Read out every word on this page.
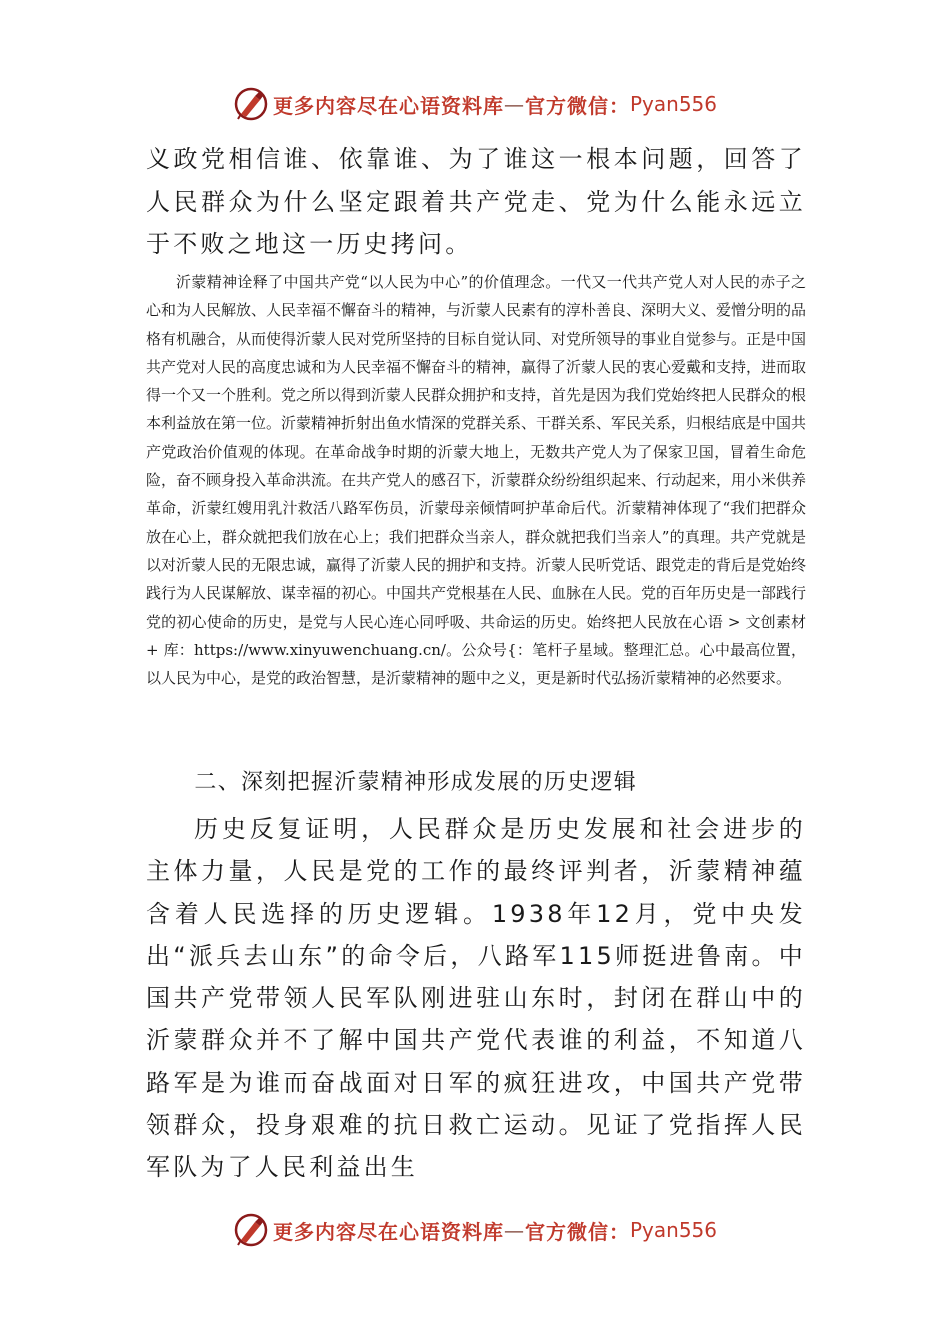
更多内容尽在心语资料库 — 官方微信： Pyan556

义政党相信谁、依靠谁、为了谁这一根本问题，回答了人民群众为什么坚定跟着共产党走、党为什么能永远立于不败之地这一历史拷问。

沂蒙精神诠释了中国共产党“以人民为中心”的价值理念。一代又一代共产党人对人民的赤子之心和为人民解放、人民幸福不懈奋斗的精神，与沂蒙人民素有的淳朴善良、深明大义、爱憎分明的品格有机融合，从而使得沂蒙人民对党所坚持的目标自觉认同、对党所领导的事业自觉参与。正是中国共产党对人民的高度忠诚和为人民幸福不懈奋斗的精神，赢得了沂蒙人民的衷心爱戴和支持，进而取得一个又一个胜利。党之所以得到沂蒙人民群众拥护和支持，首先是因为我们党始终把人民群众的根本利益放在第一位。沂蒙精神折射出鱼水情深的党群关系、干群关系、军民关系，归根结底是中国共产党政治价值观的体现。在革命战争时期的沂蒙大地上，无数共产党人为了保家卫国，冒着生命危险，奋不顾身投入革命洪流。在共产党人的感召下，沂蒙群众纷纷组织起来、行动起来，用小米供养革命，沂蒙红嫂用乳汁救活八路军伤员，沂蒙母亲倾情呵护革命后代。沂蒙精神体现了“我们把群众放在心上，群众就把我们放在心上；我们把群众当亲人，群众就把我们当亲人”的真理。共产党就是以对沂蒙人民的无限忠诚，赢得了沂蒙人民的拥护和支持。沂蒙人民听党话、跟党走的背后是党始终践行为人民谋解放、谋幸福的初心。中国共产党根基在人民、血脉在人民。党的百年历史是一部践行党的初心使命的历史，是党与人民心连心同呼吸、共命运的历史。始终把人民放在心语 > 文创素材 + 库：https://www.xinyuwenchuang.cn/。公众号{：笔杆子星域。整理汇总。心中最高位置，以人民为中心，是党的政治智慧，是沂蒙精神的题中之义，更是新时代弘扬沂蒙精神的必然要求。

二、深刻把握沂蒙精神形成发展的历史逻辑

历史反复证明，人民群众是历史发展和社会进步的主体力量，人民是党的工作的最终评判者，沂蒙精神蕴含着人民选择的历史逻辑。1938年12月，党中央发出“派兵去山东”的命令后，八路军115师挺进鲁南。中国共产党带领人民军队刚进驻山东时，封闭在群山中的沂蒙群众并不了解中国共产党代表谁的利益，不知道八路军是为谁而奋战面对日军的疯狂进攻，中国共产党带领群众，投身艰难的抗日救亡运动。见证了党指挥人民军队为了人民利益出生

更多内容尽在心语资料库 — 官方微信： Pyan556
